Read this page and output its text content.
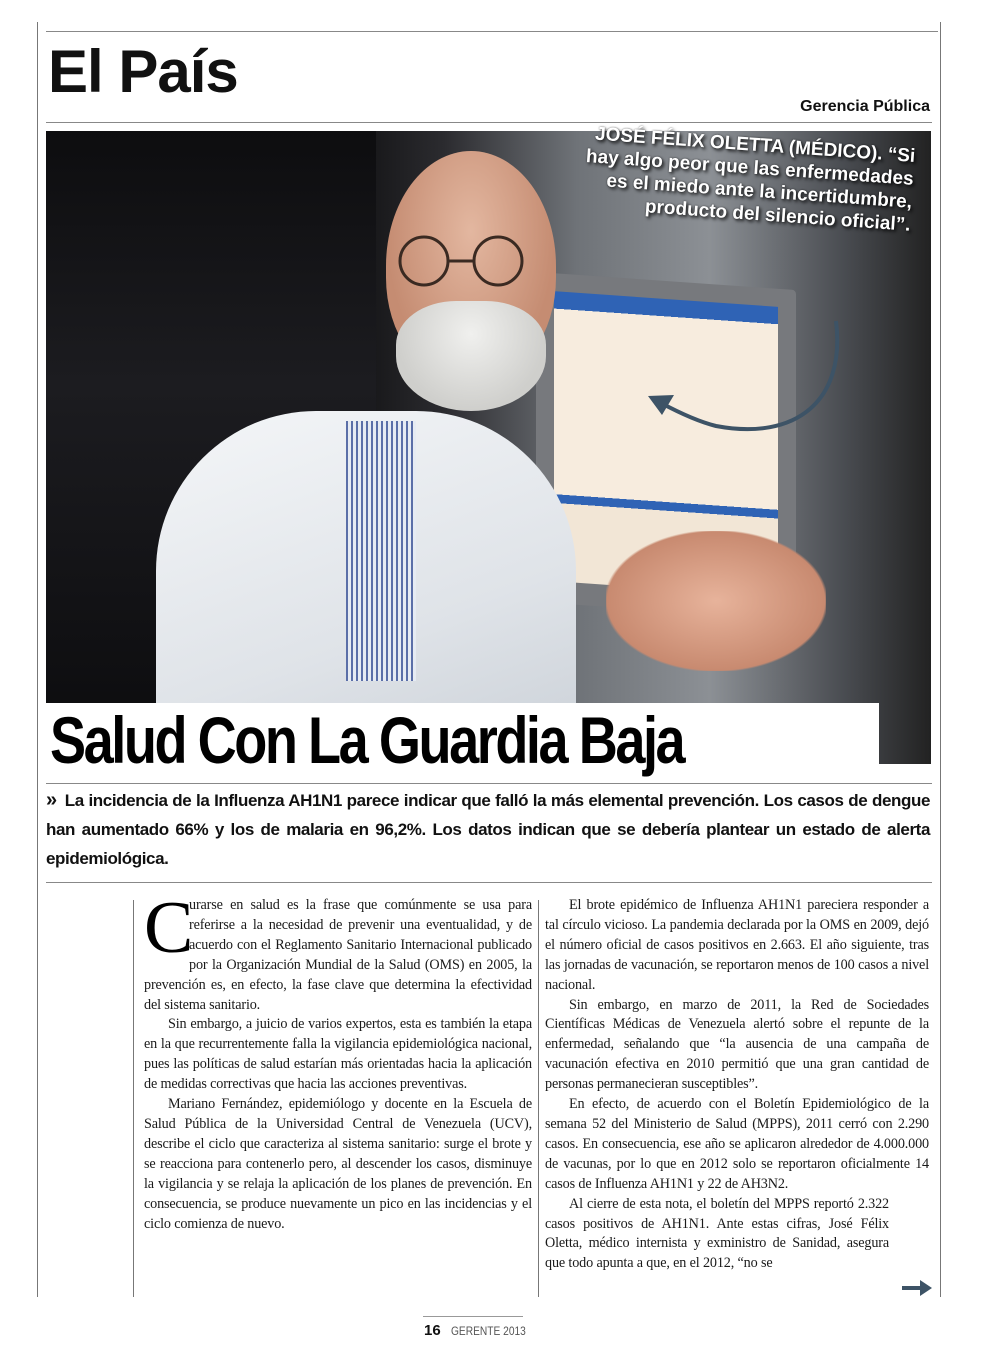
El País
Gerencia Pública
JOSÉ FÉLIX OLETTA (MÉDICO). “Si hay algo peor que las enfermedades es el miedo ante la incertidumbre, producto del silencio oficial”.
Salud Con La Guardia Baja
» La incidencia de la Influenza AH1N1 parece indicar que falló la más elemental prevención. Los casos de dengue han aumentado 66% y los de malaria en 96,2%. Los datos indican que se debería plantear un estado de alerta epidemiológica.
C

urarse en salud es la frase que comúnmente se usa para referirse a la necesidad de prevenir una eventualidad, y de acuerdo con el Reglamento Sanitario Internacional publicado por la Organización Mundial de la Salud (OMS) en 2005, la prevención es, en efecto, la fase clave que determina la efectividad del sistema sanitario.

Sin embargo, a juicio de varios expertos, esta es también la etapa en la que recurrentemente falla la vigilancia epidemiológica nacional, pues las políticas de salud estarían más orientadas hacia la aplicación de medidas correctivas que hacia las acciones preventivas.

Mariano Fernández, epidemiólogo y docente en la Escuela de Salud Pública de la Universidad Central de Venezuela (UCV), describe el ciclo que caracteriza al sistema sanitario: surge el brote y se reacciona para contenerlo pero, al descender los casos, disminuye la vigilancia y se relaja la aplicación de los planes de prevención. En consecuencia, se produce nuevamente un pico en las incidencias y el ciclo comienza de nuevo.

El brote epidémico de Influenza AH1N1 pareciera responder a tal círculo vicioso. La pandemia declarada por la OMS en 2009, dejó el número oficial de casos positivos en 2.663. El año siguiente, tras las jornadas de vacunación, se reportaron menos de 100 casos a nivel nacional.

Sin embargo, en marzo de 2011, la Red de Sociedades Científicas Médicas de Venezuela alertó sobre el repunte de la enfermedad, señalando que “la ausencia de una campaña de vacunación efectiva en 2010 permitió que una gran cantidad de personas permanecieran susceptibles”.

En efecto, de acuerdo con el Boletín Epidemiológico de la semana 52 del Ministerio de Salud (MPPS), 2011 cerró con 2.290 casos. En consecuencia, ese año se aplicaron alrededor de 4.000.000 de vacunas, por lo que en 2012 solo se reportaron oficialmente 14 casos de Influenza AH1N1 y 22 de AH3N2.

Al cierre de esta nota, el boletín del MPPS reportó 2.322 casos positivos de AH1N1. Ante estas cifras, José Félix Oletta, médico internista y exministro de Sanidad, asegura que todo apunta a que, en el 2012, “no se

16 GERENTE 2013
